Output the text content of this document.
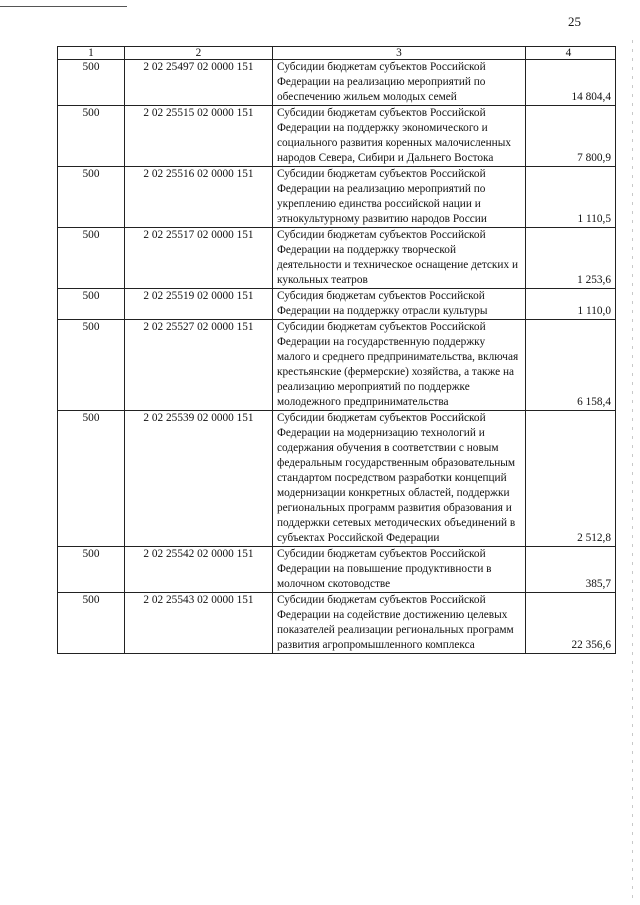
25
1	2	3	4
500	2 02 25497 02 0000 151	Субсидии бюджетам субъектов Российской Федерации на реализацию мероприятий по обеспечению жильем молодых семей	14 804,4
500	2 02 25515 02 0000 151	Субсидии бюджетам субъектов Российской Федерации на поддержку экономического и социального развития коренных малочисленных народов Севера, Сибири и Дальнего Востока	7 800,9
500	2 02 25516 02 0000 151	Субсидии бюджетам субъектов Российской Федерации на реализацию мероприятий по укреплению единства российской нации и этнокультурному развитию народов России	1 110,5
500	2 02 25517 02 0000 151	Субсидии бюджетам субъектов Российской Федерации на поддержку творческой деятельности и техническое оснащение детских и кукольных театров	1 253,6
500	2 02 25519 02 0000 151	Субсидия бюджетам субъектов Российской Федерации на поддержку отрасли культуры	1 110,0
500	2 02 25527 02 0000 151	Субсидии бюджетам субъектов Российской Федерации на государственную поддержку малого и среднего предпринимательства, включая крестьянские (фермерские) хозяйства, а также на реализацию мероприятий по поддержке молодежного предпринимательства	6 158,4
500	2 02 25539 02 0000 151	Субсидии бюджетам субъектов Российской Федерации на модернизацию технологий и содержания обучения в соответствии с новым федеральным государственным образовательным стандартом посредством разработки концепций модернизации конкретных областей, поддержки региональных программ развития образования и поддержки сетевых методических объединений в субъектах Российской Федерации	2 512,8
500	2 02 25542 02 0000 151	Субсидии бюджетам субъектов Российской Федерации на повышение продуктивности в молочном скотоводстве	385,7
500	2 02 25543 02 0000 151	Субсидии бюджетам субъектов Российской Федерации на содействие достижению целевых показателей реализации региональных программ развития агропромышленного комплекса	22 356,6
